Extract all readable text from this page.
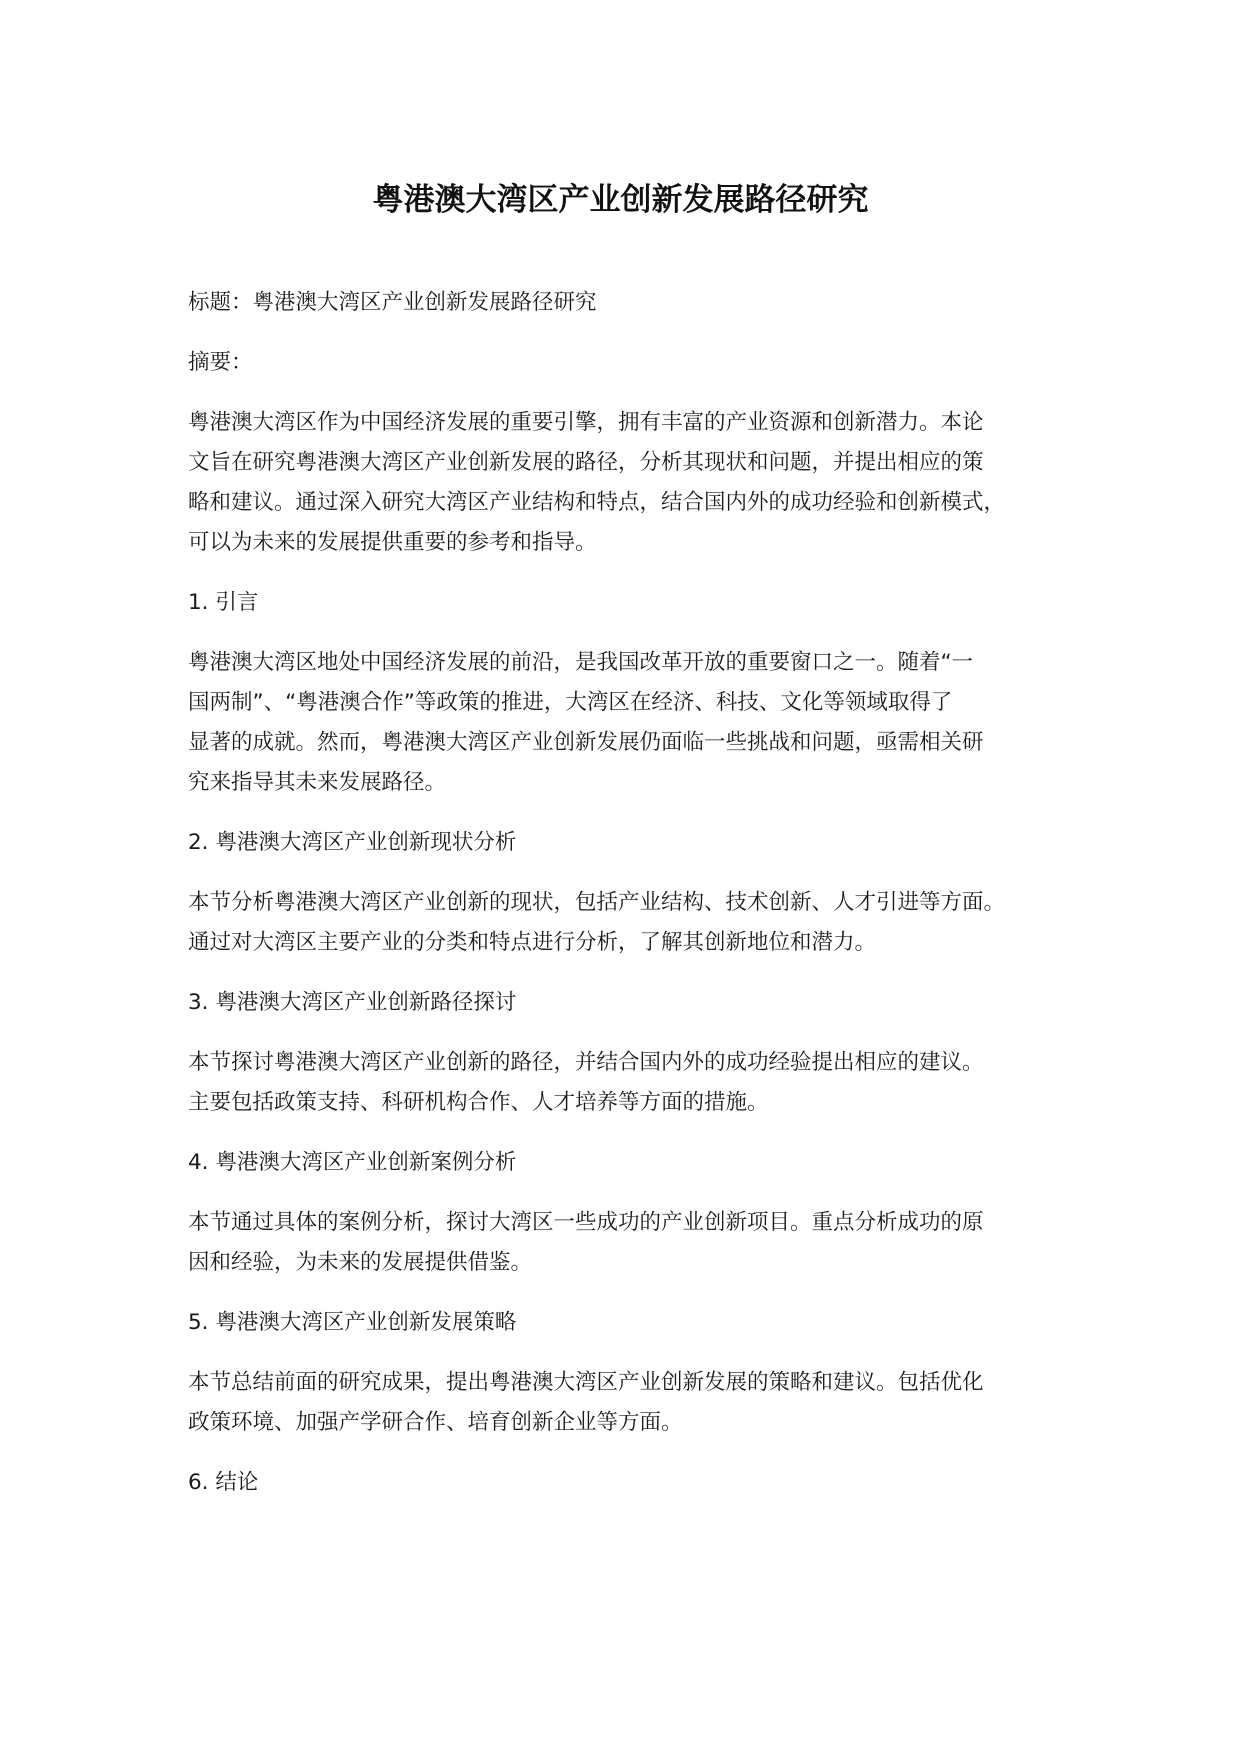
粤港澳大湾区产业创新发展路径研究

标题：粤港澳大湾区产业创新发展路径研究

摘要：

粤港澳大湾区作为中国经济发展的重要引擎，拥有丰富的产业资源和创新潜力。本论

文旨在研究粤港澳大湾区产业创新发展的路径，分析其现状和问题，并提出相应的策

略和建议。通过深入研究大湾区产业结构和特点，结合国内外的成功经验和创新模式，

可以为未来的发展提供重要的参考和指导。

1. 引言

粤港澳大湾区地处中国经济发展的前沿，是我国改革开放的重要窗口之一。随着“一

国两制”、“粤港澳合作”等政策的推进，大湾区在经济、科技、文化等领域取得了

显著的成就。然而，粤港澳大湾区产业创新发展仍面临一些挑战和问题，亟需相关研

究来指导其未来发展路径。

2. 粤港澳大湾区产业创新现状分析

本节分析粤港澳大湾区产业创新的现状，包括产业结构、技术创新、人才引进等方面。

通过对大湾区主要产业的分类和特点进行分析，了解其创新地位和潜力。

3. 粤港澳大湾区产业创新路径探讨

本节探讨粤港澳大湾区产业创新的路径，并结合国内外的成功经验提出相应的建议。

主要包括政策支持、科研机构合作、人才培养等方面的措施。

4. 粤港澳大湾区产业创新案例分析

本节通过具体的案例分析，探讨大湾区一些成功的产业创新项目。重点分析成功的原

因和经验，为未来的发展提供借鉴。

5. 粤港澳大湾区产业创新发展策略

本节总结前面的研究成果，提出粤港澳大湾区产业创新发展的策略和建议。包括优化

政策环境、加强产学研合作、培育创新企业等方面。

6. 结论
